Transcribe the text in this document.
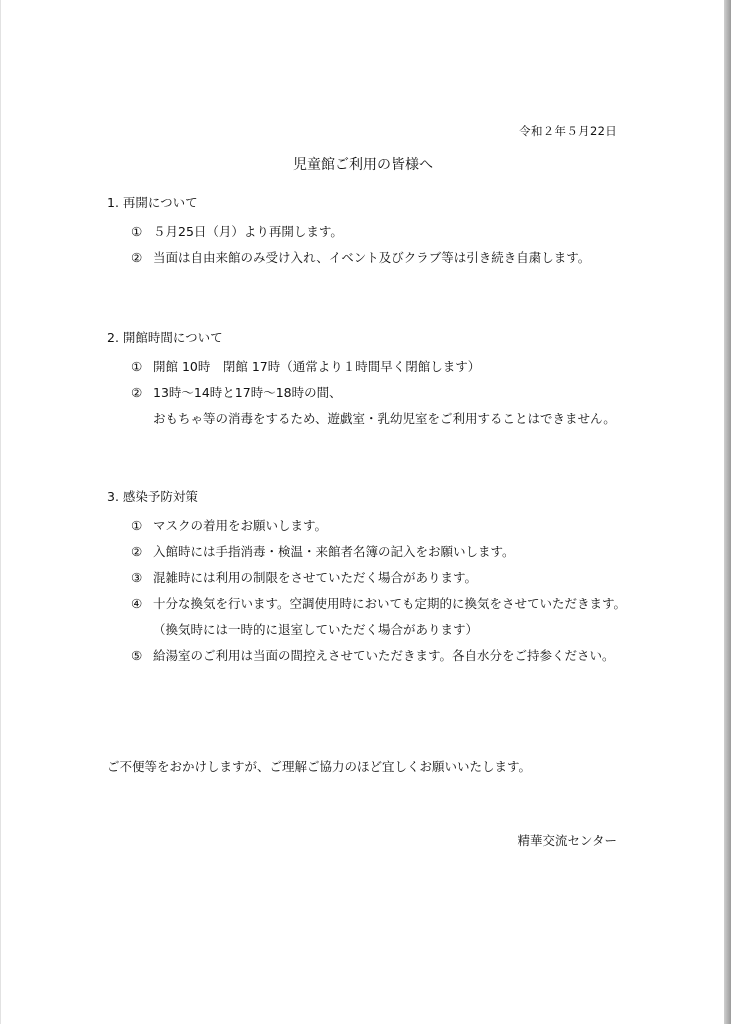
令和２年５月22日
児童館ご利用の皆様へ
1. 再開について
① ５月25日（月）より再開します。
② 当面は自由来館のみ受け入れ、イベント及びクラブ等は引き続き自粛します。
2. 開館時間について
① 開館 10時　閉館 17時（通常より１時間早く閉館します）
② 13時～14時と17時～18時の間、
おもちゃ等の消毒をするため、遊戯室・乳幼児室をご利用することはできません。
3. 感染予防対策
① マスクの着用をお願いします。
② 入館時には手指消毒・検温・来館者名簿の記入をお願いします。
③ 混雑時には利用の制限をさせていただく場合があります。
④ 十分な換気を行います。空調使用時においても定期的に換気をさせていただきます。（換気時には一時的に退室していただく場合があります）
⑤ 給湯室のご利用は当面の間控えさせていただきます。各自水分をご持参ください。
ご不便等をおかけしますが、ご理解ご協力のほど宜しくお願いいたします。
精華交流センター
